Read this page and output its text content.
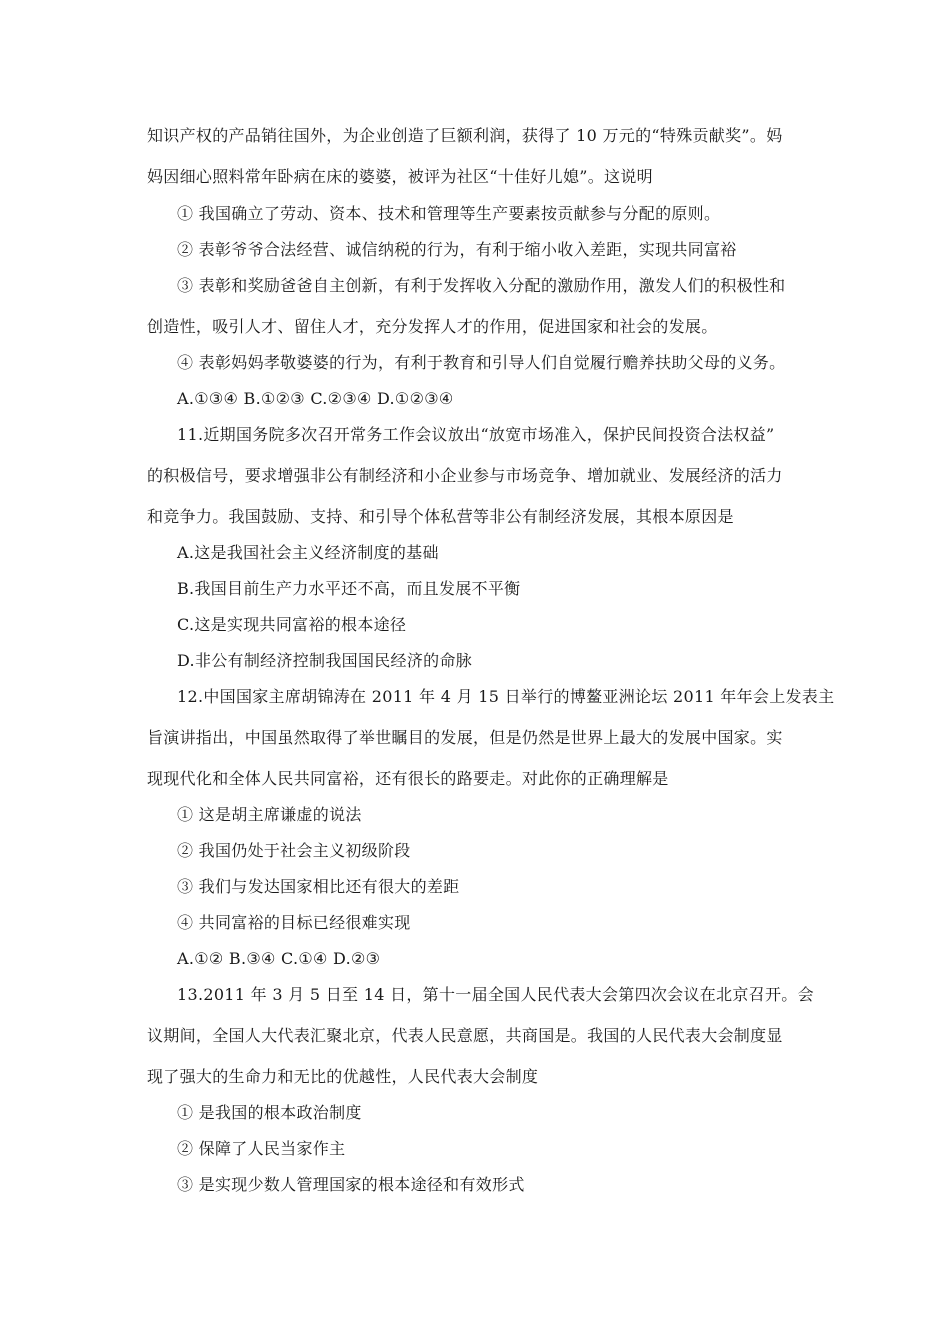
知识产权的产品销往国外，为企业创造了巨额利润，获得了 10 万元的“特殊贡献奖”。妈
妈因细心照料常年卧病在床的婆婆，被评为社区“十佳好儿媳”。这说明
① 我国确立了劳动、资本、技术和管理等生产要素按贡献参与分配的原则。
② 表彰爷爷合法经营、诚信纳税的行为，有利于缩小收入差距，实现共同富裕
③ 表彰和奖励爸爸自主创新，有利于发挥收入分配的激励作用，激发人们的积极性和
创造性，吸引人才、留住人才，充分发挥人才的作用，促进国家和社会的发展。
④ 表彰妈妈孝敬婆婆的行为，有利于教育和引导人们自觉履行赡养扶助父母的义务。
A.①③④ B.①②③ C.②③④ D.①②③④
11.近期国务院多次召开常务工作会议放出“放宽市场准入，保护民间投资合法权益”
的积极信号，要求增强非公有制经济和小企业参与市场竞争、增加就业、发展经济的活力
和竞争力。我国鼓励、支持、和引导个体私营等非公有制经济发展，其根本原因是
A.这是我国社会主义经济制度的基础
B.我国目前生产力水平还不高，而且发展不平衡
C.这是实现共同富裕的根本途径
D.非公有制经济控制我国国民经济的命脉
12.中国国家主席胡锦涛在 2011 年 4 月 15 日举行的博鳌亚洲论坛 2011 年年会上发表主
旨演讲指出，中国虽然取得了举世瞩目的发展，但是仍然是世界上最大的发展中国家。实
现现代化和全体人民共同富裕，还有很长的路要走。对此你的正确理解是
① 这是胡主席谦虚的说法
② 我国仍处于社会主义初级阶段
③ 我们与发达国家相比还有很大的差距
④ 共同富裕的目标已经很难实现
A.①② B.③④ C.①④ D.②③
13.2011 年 3 月 5 日至 14 日，第十一届全国人民代表大会第四次会议在北京召开。会
议期间，全国人大代表汇聚北京，代表人民意愿，共商国是。我国的人民代表大会制度显
现了强大的生命力和无比的优越性，人民代表大会制度
① 是我国的根本政治制度
② 保障了人民当家作主
③ 是实现少数人管理国家的根本途径和有效形式
